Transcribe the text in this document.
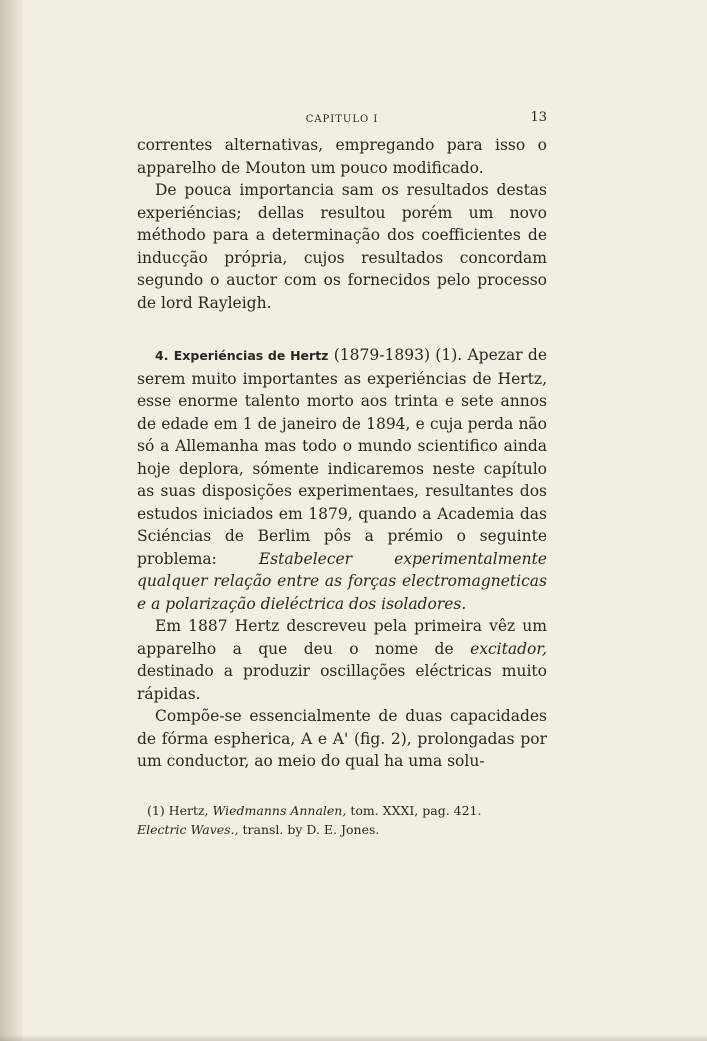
CAPITULO I	13

correntes alternativas, empregando para isso o apparelho de Mouton um pouco modificado.

De pouca importancia sam os resultados destas experiéncias; dellas resultou porém um novo méthodo para a determinação dos coefficientes de inducção própria, cujos resultados concordam segundo o auctor com os fornecidos pelo processo de lord Rayleigh.

4. Experiéncias de Hertz (1879-1893) (1). Apezar de serem muito importantes as experiéncias de Hertz, esse enorme talento morto aos trinta e sete annos de edade em 1 de janeiro de 1894, e cuja perda não só a Allemanha mas todo o mundo scientifico ainda hoje deplora, sómente indicaremos neste capítulo as suas disposições experimentaes, resultantes dos estudos iniciados em 1879, quando a Academia das Sciéncias de Berlim pôs a prémio o seguinte problema: Estabelecer experimentalmente qualquer relação entre as forças electromagneticas e a polarização dieléctrica dos isoladores.

Em 1887 Hertz descreveu pela primeira vêz um apparelho a que deu o nome de excitador, destinado a produzir oscillações eléctricas muito rápidas.

Compõe-se essencialmente de duas capacidades de fórma espherica, A e A' (fig. 2), prolongadas por um conductor, ao meio do qual ha uma solu-

(1) Hertz, Wiedmanns Annalen, tom. XXXI, pag. 421.
Electric Waves., transl. by D. E. Jones.
